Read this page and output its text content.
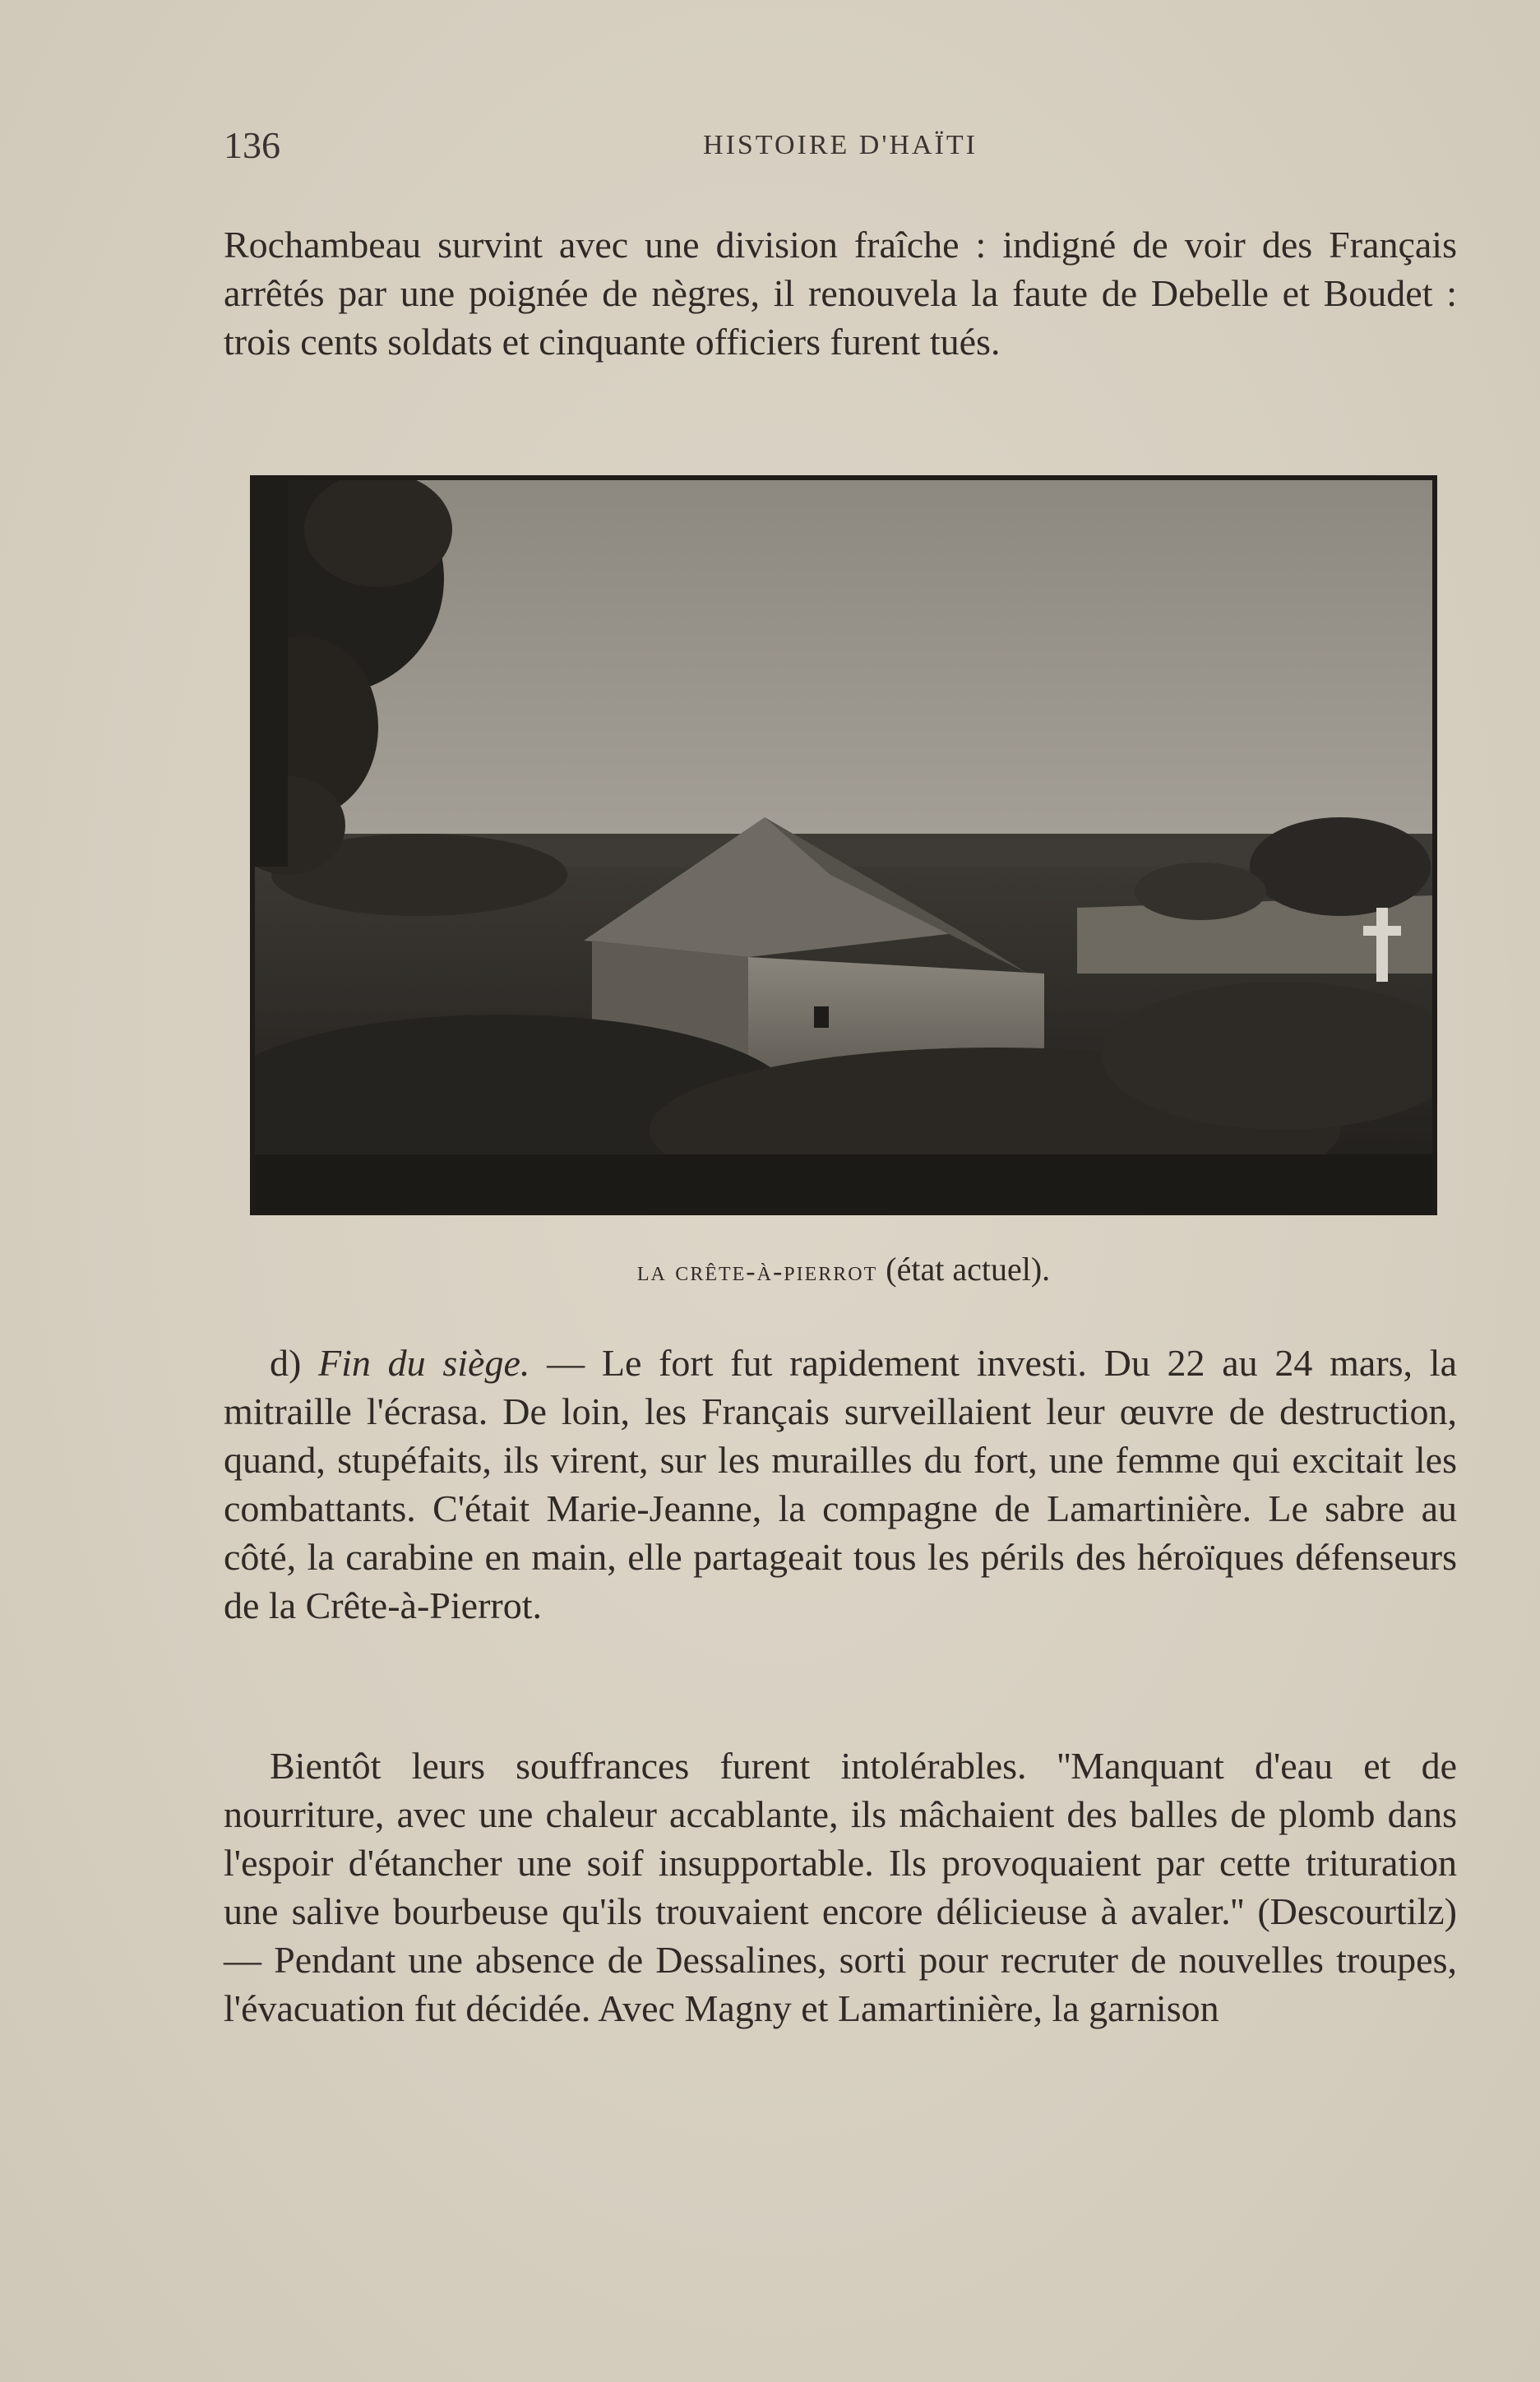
136	HISTOIRE D'HAÏTI

Rochambeau survint avec une division fraîche : indigné de voir des Français arrêtés par une poignée de nègres, il renouvela la faute de Debelle et Boudet : trois cents soldats et cinquante officiers furent tués.

la crête-à-pierrot (état actuel).

d) Fin du siège. — Le fort fut rapidement investi. Du 22 au 24 mars, la mitraille l'écrasa. De loin, les Français surveillaient leur œuvre de destruction, quand, stupéfaits, ils virent, sur les murailles du fort, une femme qui excitait les combattants. C'était Marie-Jeanne, la compagne de Lamartinière. Le sabre au côté, la carabine en main, elle partageait tous les périls des héroïques défenseurs de la Crête-à-Pierrot.

Bientôt leurs souffrances furent intolérables. ''Manquant d'eau et de nourriture, avec une chaleur accablante, ils mâchaient des balles de plomb dans l'espoir d'étancher une soif insupportable. Ils provoquaient par cette trituration une salive bourbeuse qu'ils trouvaient encore délicieuse à avaler.'' (Descourtilz) — Pendant une absence de Dessalines, sorti pour recruter de nouvelles troupes, l'évacuation fut décidée. Avec Magny et Lamartinière, la garnison
